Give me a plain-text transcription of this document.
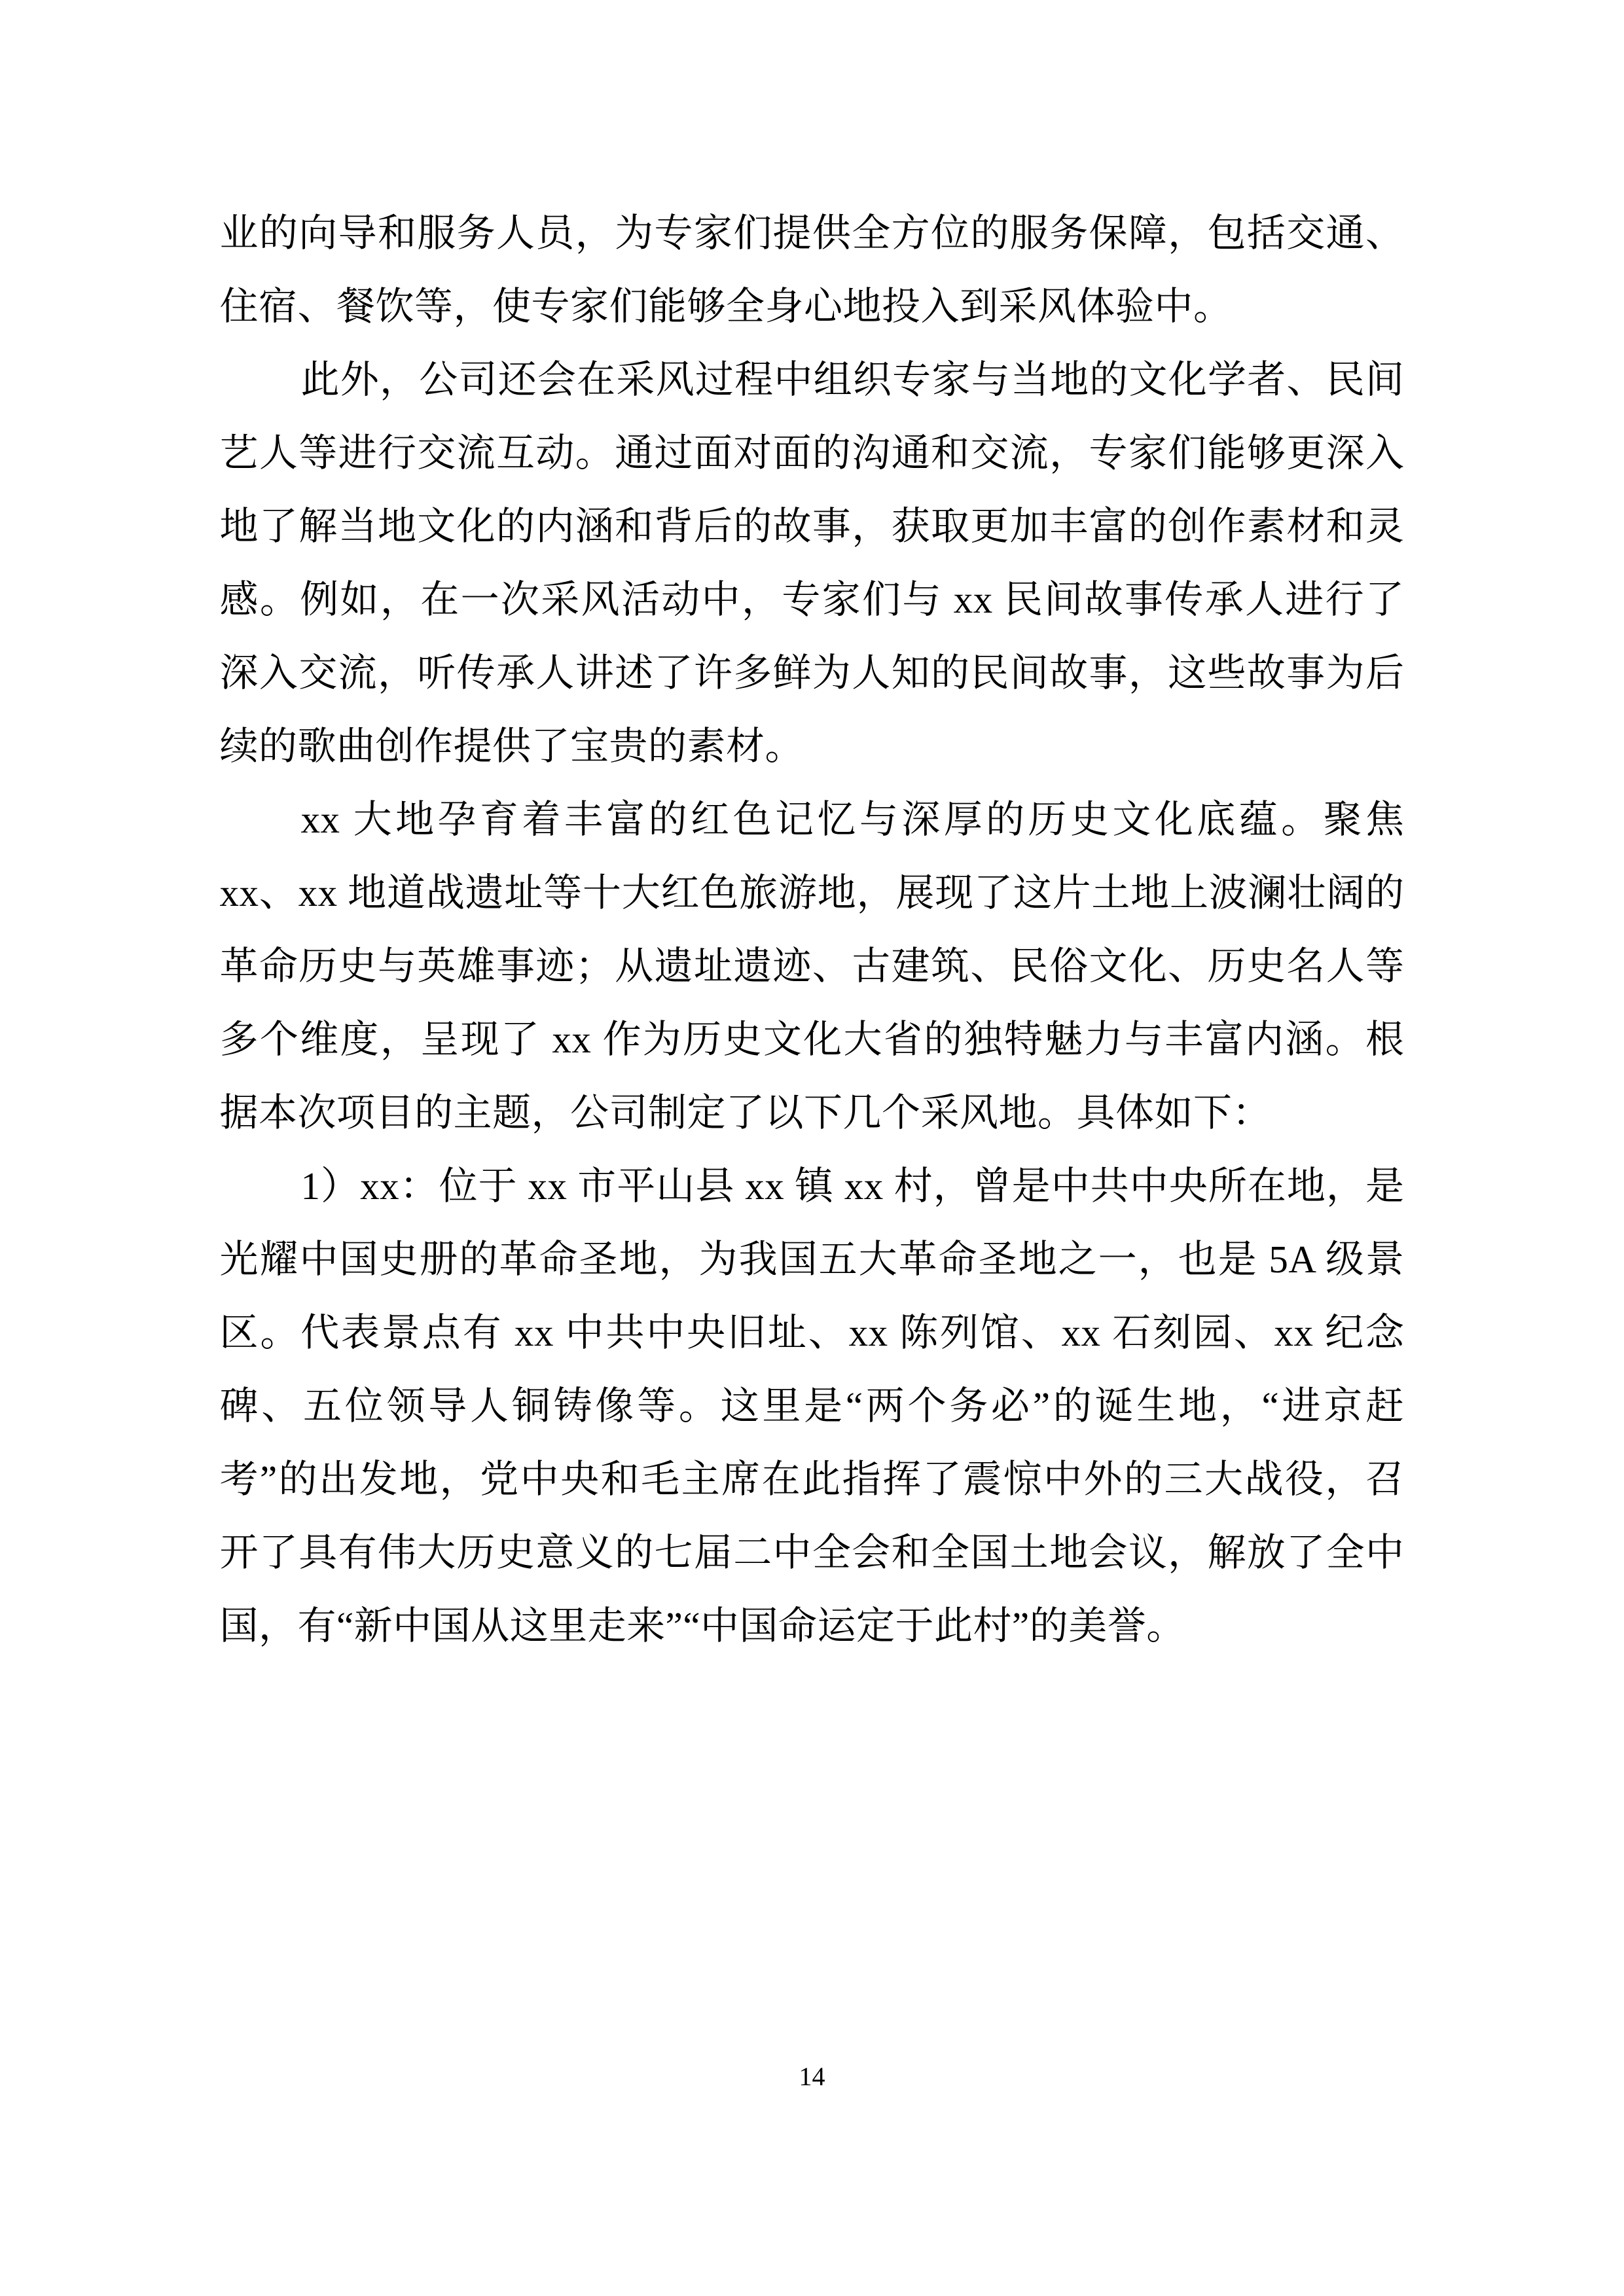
业的向导和服务人员，为专家们提供全方位的服务保障，包括交通、住宿、餐饮等，使专家们能够全身心地投入到采风体验中。

此外，公司还会在采风过程中组织专家与当地的文化学者、民间艺人等进行交流互动。通过面对面的沟通和交流，专家们能够更深入地了解当地文化的内涵和背后的故事，获取更加丰富的创作素材和灵感。例如，在一次采风活动中，专家们与 xx 民间故事传承人进行了深入交流，听传承人讲述了许多鲜为人知的民间故事，这些故事为后续的歌曲创作提供了宝贵的素材。

xx 大地孕育着丰富的红色记忆与深厚的历史文化底蕴。聚焦 xx、xx 地道战遗址等十大红色旅游地，展现了这片土地上波澜壮阔的革命历史与英雄事迹；从遗址遗迹、古建筑、民俗文化、历史名人等多个维度，呈现了 xx 作为历史文化大省的独特魅力与丰富内涵。根据本次项目的主题，公司制定了以下几个采风地。具体如下：

1）xx：位于 xx 市平山县 xx 镇 xx 村，曾是中共中央所在地，是光耀中国史册的革命圣地，为我国五大革命圣地之一，也是 5A 级景区。代表景点有 xx 中共中央旧址、xx 陈列馆、xx 石刻园、xx 纪念碑、五位领导人铜铸像等。这里是“两个务必”的诞生地，“进京赶考”的出发地，党中央和毛主席在此指挥了震惊中外的三大战役，召开了具有伟大历史意义的七届二中全会和全国土地会议，解放了全中国，有“新中国从这里走来”“中国命运定于此村”的美誉。

14
